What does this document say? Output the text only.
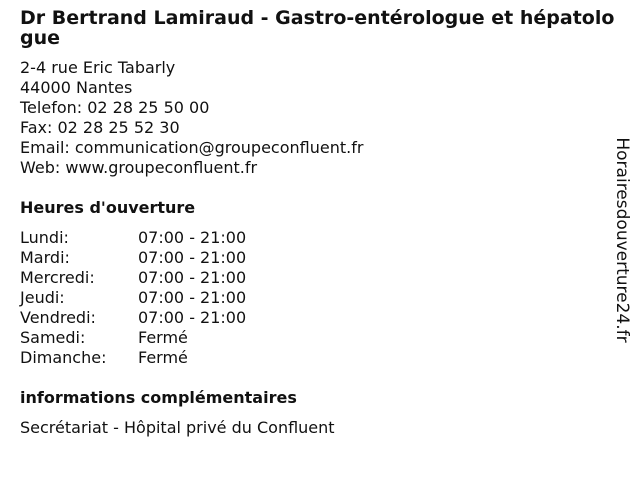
Dr Bertrand Lamiraud - Gastro-entérologue et hépatologue
2-4 rue Eric Tabarly
44000 Nantes
Telefon: 02 28 25 50 00
Fax: 02 28 25 52 30
Email: communication@groupeconfluent.fr
Web: www.groupeconfluent.fr
Heures d'ouverture
Lundi:	07:00 - 21:00
Mardi:	07:00 - 21:00
Mercredi:	07:00 - 21:00
Jeudi:	07:00 - 21:00
Vendredi:	07:00 - 21:00
Samedi:	Fermé
Dimanche:	Fermé
informations complémentaires
Secrétariat - Hôpital privé du Confluent
Horairesdouverture24.fr
